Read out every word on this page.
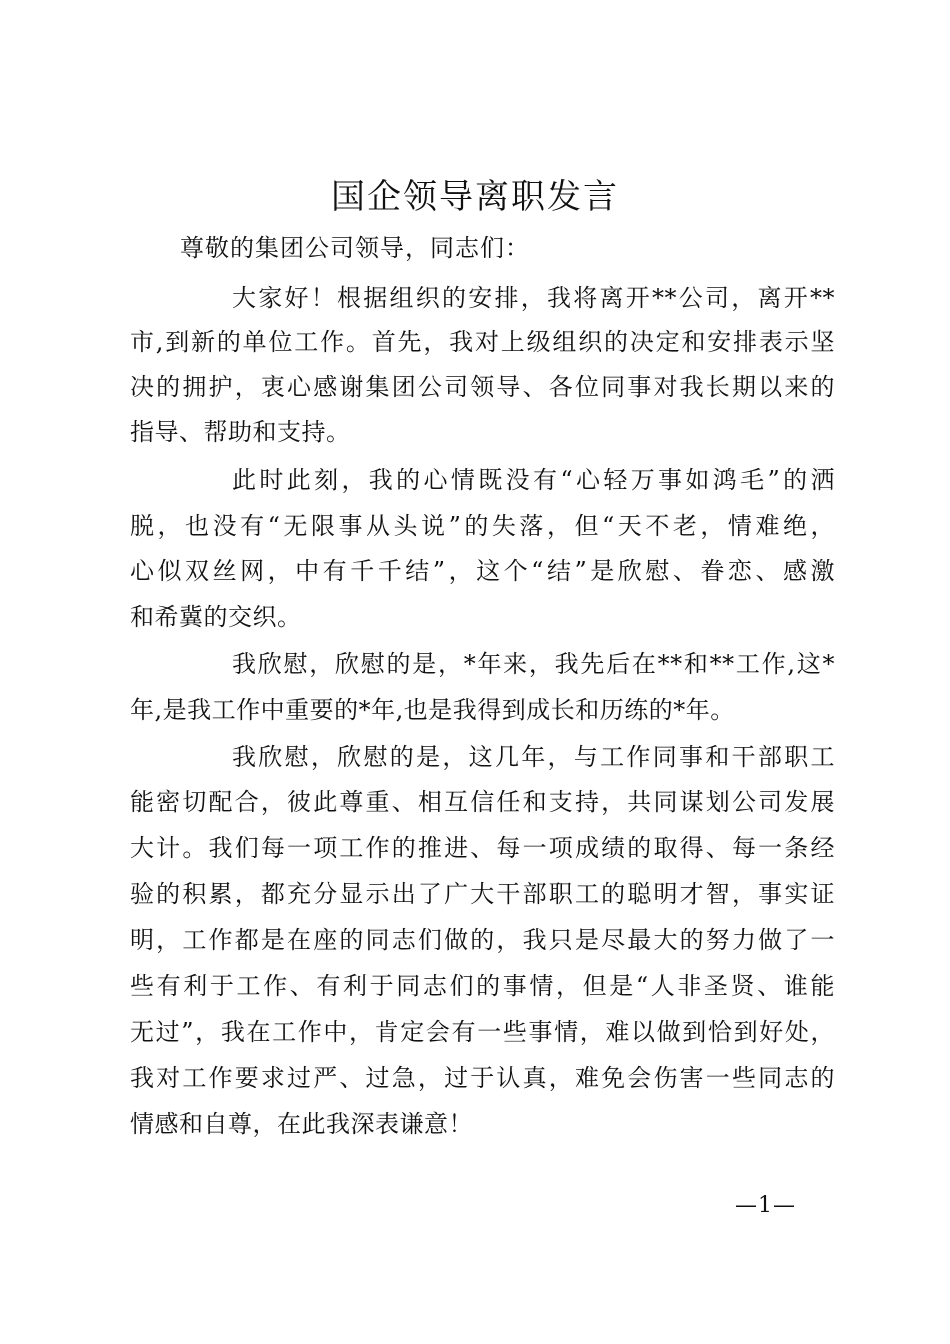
国企领导离职发言
尊敬的集团公司领导，同志们：
大家好！根据组织的安排，我将离开**公司，离开**
市,到新的单位工作。首先，我对上级组织的决定和安排表示坚
决的拥护，衷心感谢集团公司领导、各位同事对我长期以来的
指导、帮助和支持。
此时此刻，我的心情既没有“心轻万事如鸿毛”的洒
脱，也没有“无限事从头说”的失落，但“天不老，情难绝，
心似双丝网，中有千千结”，这个“结”是欣慰、眷恋、感激
和希冀的交织。
我欣慰，欣慰的是，*年来，我先后在**和**工作,这*
年,是我工作中重要的*年,也是我得到成长和历练的*年。
我欣慰，欣慰的是，这几年，与工作同事和干部职工
能密切配合，彼此尊重、相互信任和支持，共同谋划公司发展
大计。我们每一项工作的推进、每一项成绩的取得、每一条经
验的积累，都充分显示出了广大干部职工的聪明才智，事实证
明，工作都是在座的同志们做的，我只是尽最大的努力做了一
些有利于工作、有利于同志们的事情，但是“人非圣贤、谁能
无过”，我在工作中，肯定会有一些事情，难以做到恰到好处，
我对工作要求过严、过急，过于认真，难免会伤害一些同志的
情感和自尊，在此我深表谦意！
—1—
